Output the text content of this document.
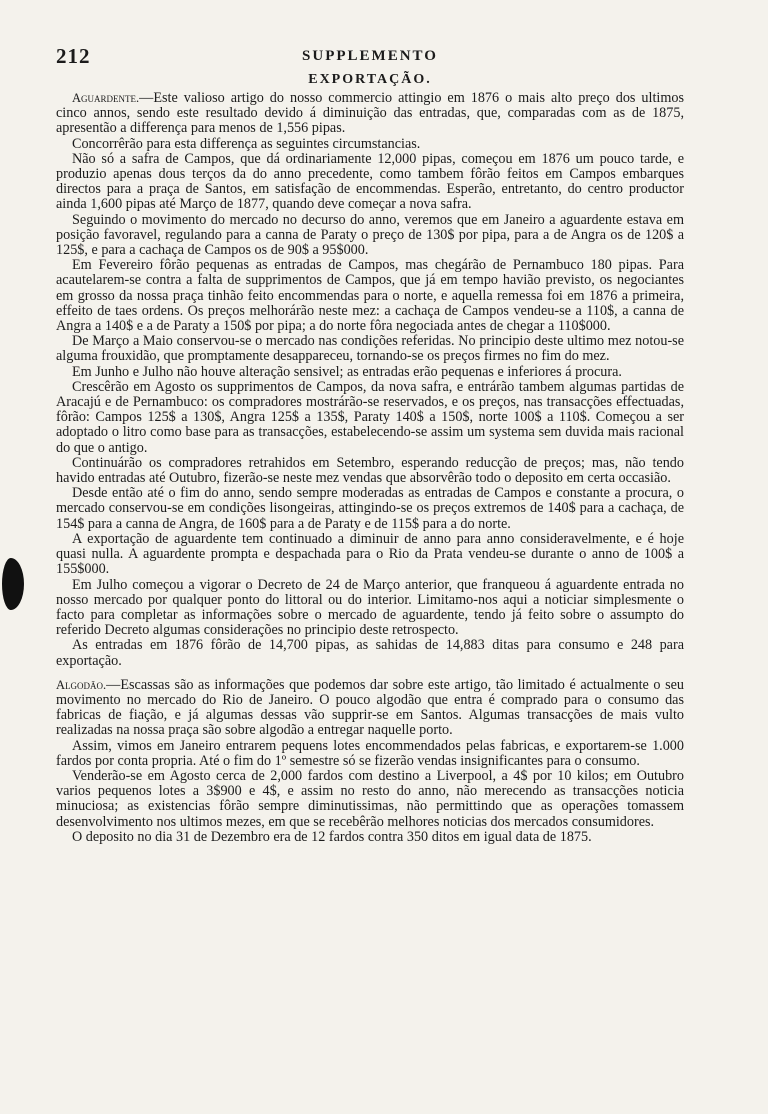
212	SUPPLEMENTO
EXPORTAÇÃO.

Aguardente.—Este valioso artigo do nosso commercio attingio em 1876 o mais alto preço dos ultimos cinco annos, sendo este resultado devido á diminuição das entradas, que, comparadas com as de 1875, apresentão a differença para menos de 1,556 pipas.

Concorrêrão para esta differença as seguintes circumstancias.

Não só a safra de Campos, que dá ordinariamente 12,000 pipas, começou em 1876 um pouco tarde, e produzio apenas dous terços da do anno precedente, como tambem fôrão feitos em Campos embarques directos para a praça de Santos, em satisfação de encommendas. Esperão, entretanto, do centro productor ainda 1,600 pipas até Março de 1877, quando deve começar a nova safra.

Seguindo o movimento do mercado no decurso do anno, veremos que em Janeiro a aguardente estava em posição favoravel, regulando para a canna de Paraty o preço de 130$ por pipa, para a de Angra os de 120$ a 125$, e para a cachaça de Campos os de 90$ a 95$000.

Em Fevereiro fôrão pequenas as entradas de Campos, mas chegárão de Pernambuco 180 pipas. Para acautelarem-se contra a falta de supprimentos de Campos, que já em tempo havião previsto, os negociantes em grosso da nossa praça tinhão feito encommendas para o norte, e aquella remessa foi em 1876 a primeira, effeito de taes ordens. Os preços melhorárão neste mez: a cachaça de Campos vendeu-se a 110$, a canna de Angra a 140$ e a de Paraty a 150$ por pipa; a do norte fôra negociada antes de chegar a 110$000.

De Março a Maio conservou-se o mercado nas condições referidas. No principio deste ultimo mez notou-se alguma frouxidão, que promptamente desappareceu, tornando-se os preços firmes no fim do mez.

Em Junho e Julho não houve alteração sensivel; as entradas erão pequenas e inferiores á procura.

Crescêrão em Agosto os supprimentos de Campos, da nova safra, e entrárão tambem algumas partidas de Aracajú e de Pernambuco: os compradores mostrárão-se reservados, e os preços, nas transacções effectuadas, fôrão: Campos 125$ a 130$, Angra 125$ a 135$, Paraty 140$ a 150$, norte 100$ a 110$. Começou a ser adoptado o litro como base para as transacções, estabelecendo-se assim um systema sem duvida mais racional do que o antigo.

Continuárão os compradores retrahidos em Setembro, esperando reducção de preços; mas, não tendo havido entradas até Outubro, fizerão-se neste mez vendas que absorvêrão todo o deposito em certa occasião.

Desde então até o fim do anno, sendo sempre moderadas as entradas de Campos e constante a procura, o mercado conservou-se em condições lisongeiras, attingindo-se os preços extremos de 140$ para a cachaça, de 154$ para a canna de Angra, de 160$ para a de Paraty e de 115$ para a do norte.

A exportação de aguardente tem continuado a diminuir de anno para anno consideravelmente, e é hoje quasi nulla. A aguardente prompta e despachada para o Rio da Prata vendeu-se durante o anno de 100$ a 155$000.

Em Julho começou a vigorar o Decreto de 24 de Março anterior, que franqueou á aguardente entrada no nosso mercado por qualquer ponto do littoral ou do interior. Limitamo-nos aqui a noticiar simplesmente o facto para completar as informações sobre o mercado de aguardente, tendo já feito sobre o assumpto do referido Decreto algumas considerações no principio deste retrospecto.

As entradas em 1876 fôrão de 14,700 pipas, as sahidas de 14,883 ditas para consumo e 248 para exportação.

Algodão.—Escassas são as informações que podemos dar sobre este artigo, tão limitado é actualmente o seu movimento no mercado do Rio de Janeiro. O pouco algodão que entra é comprado para o consumo das fabricas de fiação, e já algumas dessas vão supprir-se em Santos. Algumas transacções de mais vulto realizadas na nossa praça são sobre algodão a entregar naquelle porto.

Assim, vimos em Janeiro entrarem pequens lotes encommendados pelas fabricas, e exportarem-se 1.000 fardos por conta propria. Até o fim do 1º semestre só se fizerão vendas insignificantes para o consumo.

Venderão-se em Agosto cerca de 2,000 fardos com destino a Liverpool, a 4$ por 10 kilos; em Outubro varios pequenos lotes a 3$900 e 4$, e assim no resto do anno, não merecendo as transacções noticia minuciosa; as existencias fôrão sempre diminutissimas, não permittindo que as operações tomassem desenvolvimento nos ultimos mezes, em que se recebêrão melhores noticias dos mercados consumidores.

O deposito no dia 31 de Dezembro era de 12 fardos contra 350 ditos em igual data de 1875.
